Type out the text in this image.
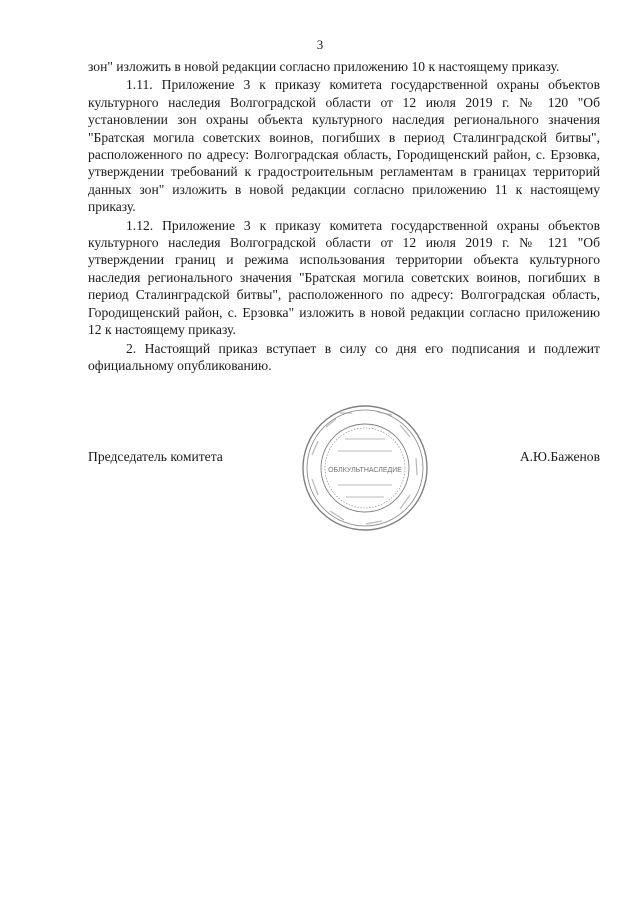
3

зон" изложить в новой редакции согласно приложению 10 к настоящему приказу.

1.11. Приложение 3 к приказу комитета государственной охраны объектов культурного наследия Волгоградской области от 12 июля 2019 г. № 120 "Об установлении зон охраны объекта культурного наследия регионального значения "Братская могила советских воинов, погибших в период Сталинградской битвы", расположенного по адресу: Волгоградская область, Городищенский район, с. Ерзовка, утверждении требований к градостроительным регламентам в границах территорий данных зон" изложить в новой редакции согласно приложению 11 к настоящему приказу.

1.12. Приложение 3 к приказу комитета государственной охраны объектов культурного наследия Волгоградской области от 12 июля 2019 г. № 121 "Об утверждении границ и режима использования территории объекта культурного наследия регионального значения "Братская могила советских воинов, погибших в период Сталинградской битвы", расположенного по адресу: Волгоградская область, Городищенский район, с. Ерзовка" изложить в новой редакции согласно приложению 12 к настоящему приказу.

2. Настоящий приказ вступает в силу со дня его подписания и подлежит официальному опубликованию.

Председатель комитета	А.Ю.Баженов
ОБЛКУЛЬТНАСЛЕДИЕ
